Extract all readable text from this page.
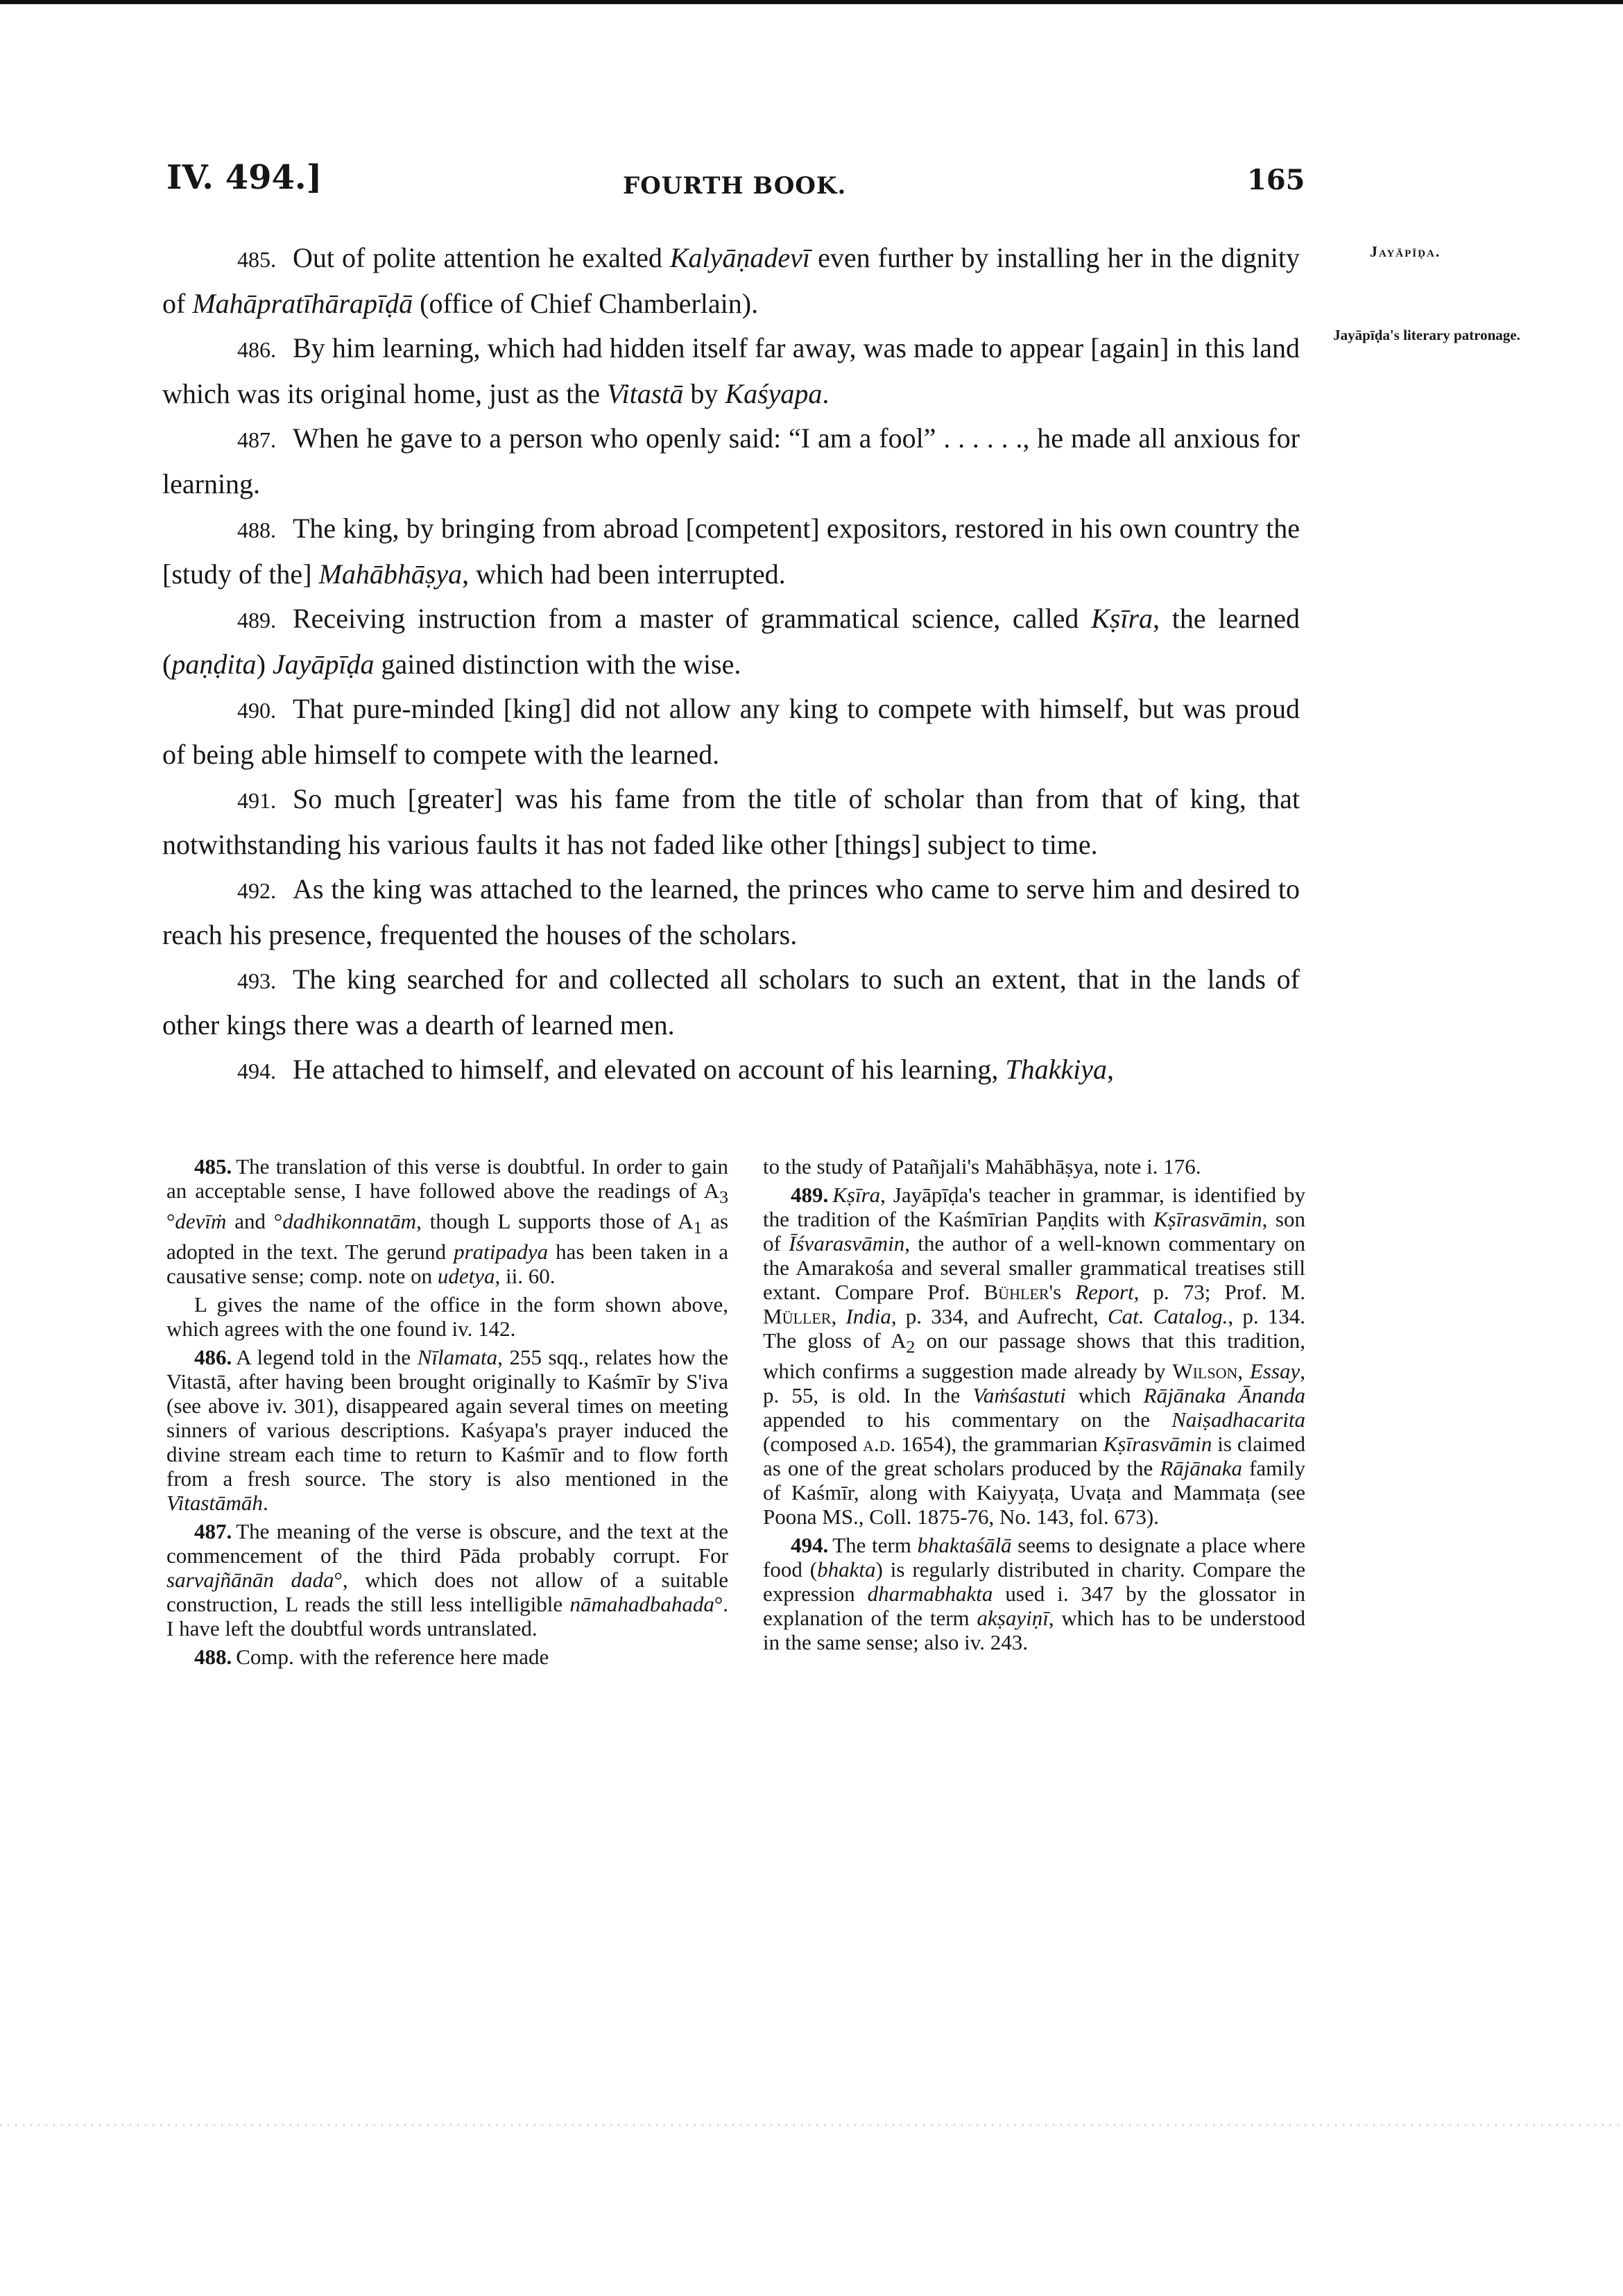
IV. 494.]	FOURTH BOOK.	165
Jayāpīḍa.
Jayāpīḍa's literary patronage.

485. Out of polite attention he exalted Kalyāṇadevī even further by installing her in the dignity of Mahāpratīhārapīḍā (office of Chief Chamberlain).

486. By him learning, which had hidden itself far away, was made to appear [again] in this land which was its original home, just as the Vitastā by Kaśyapa.

487. When he gave to a person who openly said: “I am a fool” . . . . . ., he made all anxious for learning.

488. The king, by bringing from abroad [competent] expositors, restored in his own country the [study of the] Mahābhāṣya, which had been interrupted.

489. Receiving instruction from a master of grammatical science, called Kṣīra, the learned (paṇḍita) Jayāpīḍa gained distinction with the wise.

490. That pure-minded [king] did not allow any king to compete with himself, but was proud of being able himself to compete with the learned.

491. So much [greater] was his fame from the title of scholar than from that of king, that notwithstanding his various faults it has not faded like other [things] subject to time.

492. As the king was attached to the learned, the princes who came to serve him and desired to reach his presence, frequented the houses of the scholars.

493. The king searched for and collected all scholars to such an extent, that in the lands of other kings there was a dearth of learned men.

494. He attached to himself, and elevated on account of his learning, Thakkiya,

485. The translation of this verse is doubtful. In order to gain an acceptable sense, I have followed above the readings of $A_3$ °devīṁ and °dadhikonnatām, though L supports those of $A_1$ as adopted in the text. The gerund pratipadya has been taken in a causative sense; comp. note on udetya, ii. 60.

L gives the name of the office in the form shown above, which agrees with the one found iv. 142.

486. A legend told in the Nīlamata, 255 sqq., relates how the Vitastā, after having been brought originally to Kaśmīr by S'iva (see above iv. 301), disappeared again several times on meeting sinners of various descriptions. Kaśyapa's prayer induced the divine stream each time to return to Kaśmīr and to flow forth from a fresh source. The story is also mentioned in the Vitastāmāh.

487. The meaning of the verse is obscure, and the text at the commencement of the third Pāda probably corrupt. For sarvajñānān dada°, which does not allow of a suitable construction, L reads the still less intelligible nāmahadbahada°. I have left the doubtful words untranslated.

488. Comp. with the reference here made

to the study of Patañjali's Mahābhāṣya, note i. 176.

489. Kṣīra, Jayāpīḍa's teacher in grammar, is identified by the tradition of the Kaśmīrian Paṇḍits with Kṣīrasvāmin, son of Īśvarasvāmin, the author of a well-known commentary on the Amarakośa and several smaller grammatical treatises still extant. Compare Prof. Bühler's Report, p. 73; Prof. M. Müller, India, p. 334, and Aufrecht, Cat. Catalog., p. 134. The gloss of $A_2$ on our passage shows that this tradition, which confirms a suggestion made already by Wilson, Essay, p. 55, is old. In the Vaṁśastuti which Rājānaka Ānanda appended to his commentary on the Naiṣadhacarita (composed a.d. 1654), the grammarian Kṣīrasvāmin is claimed as one of the great scholars produced by the Rājānaka family of Kaśmīr, along with Kaiyyaṭa, Uvaṭa and Mammaṭa (see Poona MS., Coll. 1875-76, No. 143, fol. 673).

494. The term bhaktaśālā seems to designate a place where food (bhakta) is regularly distributed in charity. Compare the expression dharmabhakta used i. 347 by the glossator in explanation of the term akṣayiṇī, which has to be understood in the same sense; also iv. 243.
